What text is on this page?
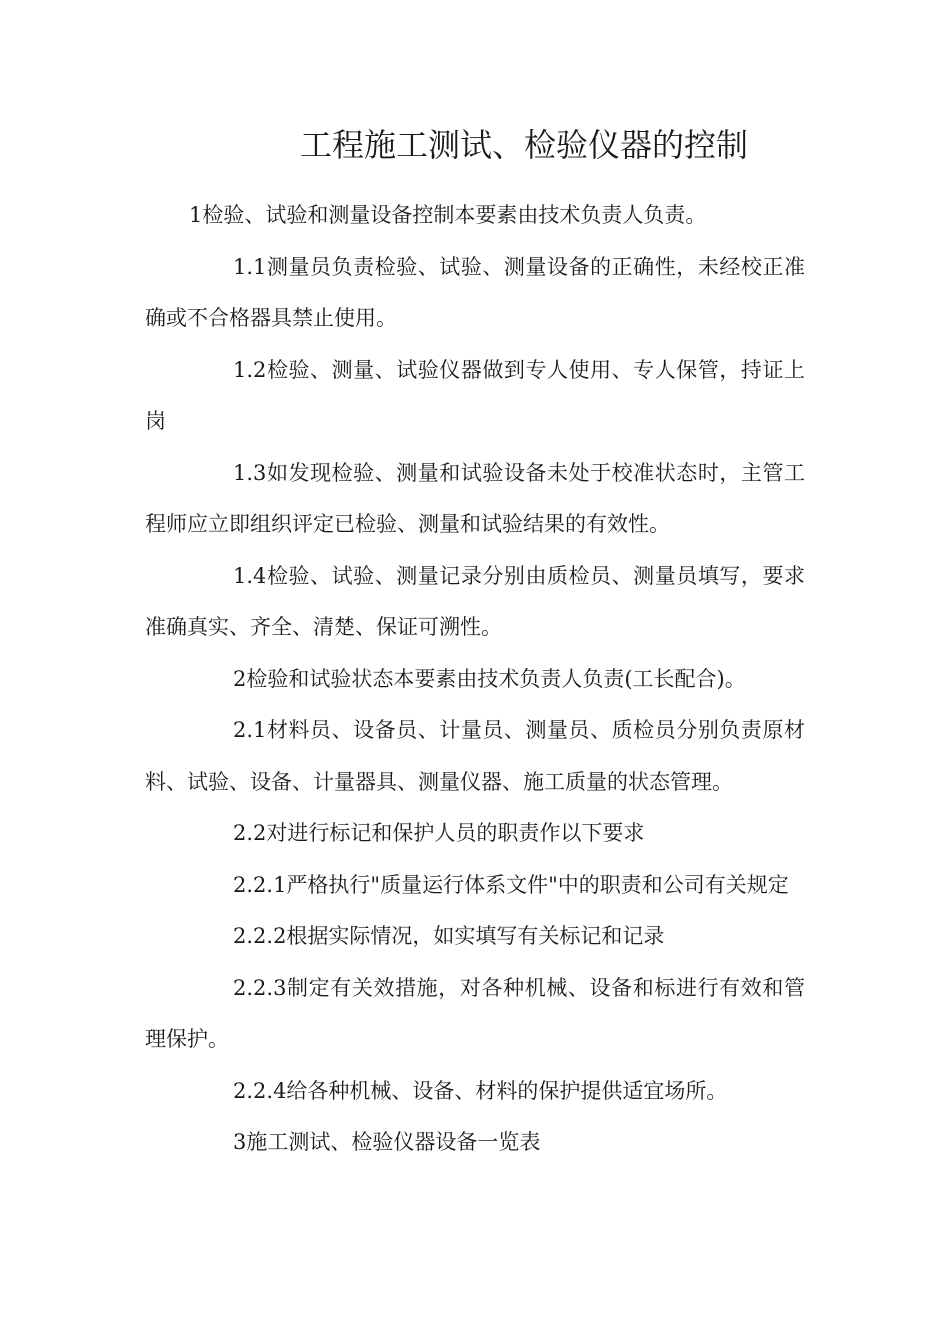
工程施工测试、检验仪器的控制

1检验、试验和测量设备控制本要素由技术负责人负责。

1.1测量员负责检验、试验、测量设备的正确性，未经校正准确或不合格器具禁止使用。

1.2检验、测量、试验仪器做到专人使用、专人保管，持证上岗

1.3如发现检验、测量和试验设备未处于校准状态时，主管工程师应立即组织评定已检验、测量和试验结果的有效性。

1.4检验、试验、测量记录分别由质检员、测量员填写，要求准确真实、齐全、清楚、保证可溯性。

2检验和试验状态本要素由技术负责人负责(工长配合)。

2.1材料员、设备员、计量员、测量员、质检员分别负责原材料、试验、设备、计量器具、测量仪器、施工质量的状态管理。

2.2对进行标记和保护人员的职责作以下要求

2.2.1严格执行"质量运行体系文件"中的职责和公司有关规定

2.2.2根据实际情况，如实填写有关标记和记录

2.2.3制定有关效措施，对各种机械、设备和标进行有效和管理保护。

2.2.4给各种机械、设备、材料的保护提供适宜场所。

3施工测试、检验仪器设备一览表
